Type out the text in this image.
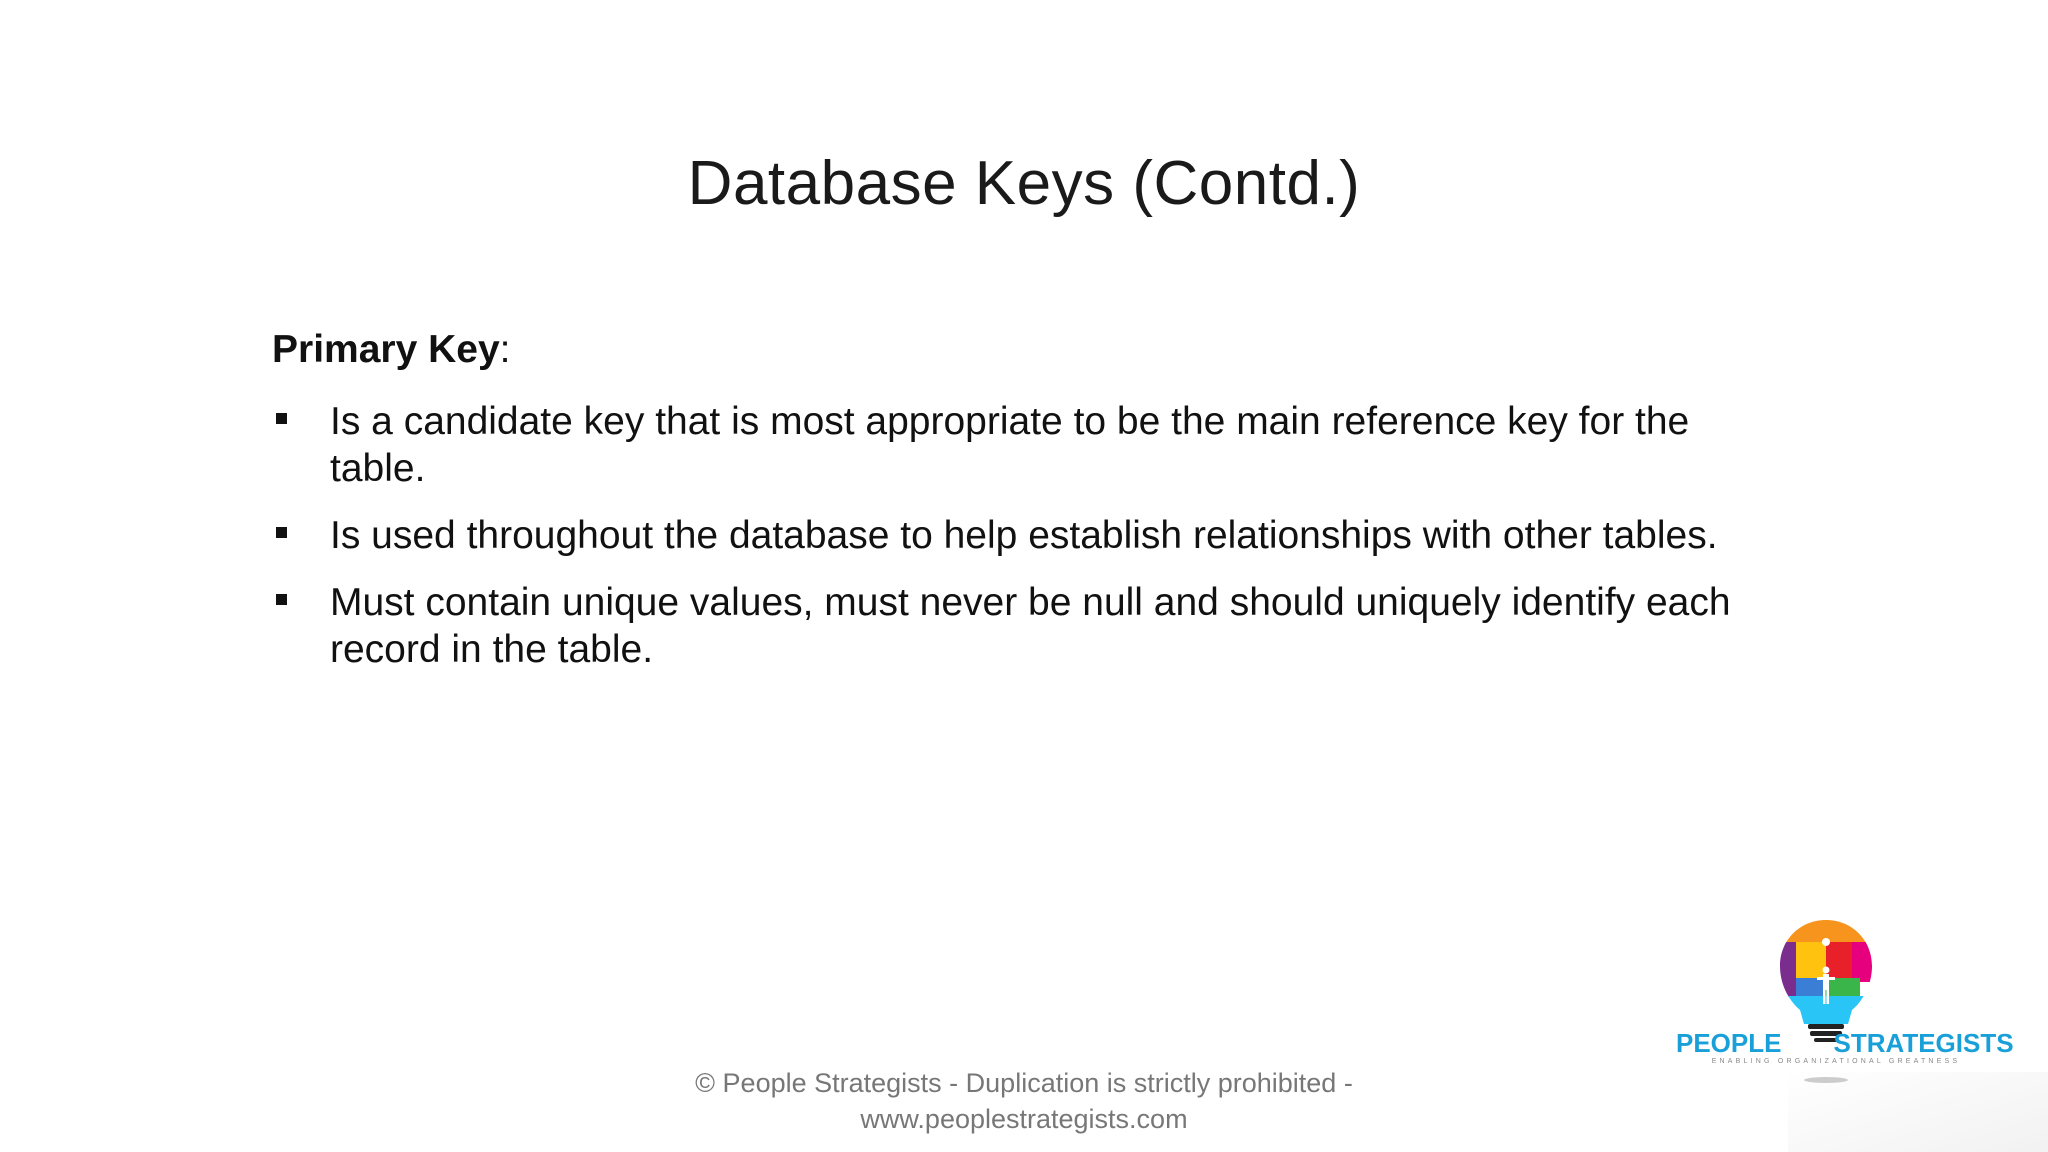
Database Keys (Contd.)
Primary Key:
Is a candidate key that is most appropriate to be the main reference key for the table.
Is used throughout the database to help establish relationships with other tables.
Must contain unique values, must never be null and should uniquely identify each record in the table.
© People Strategists - Duplication is strictly prohibited -
www.peoplestrategists.com
PEOPLE STRATEGISTS
ENABLING ORGANIZATIONAL GREATNESS
